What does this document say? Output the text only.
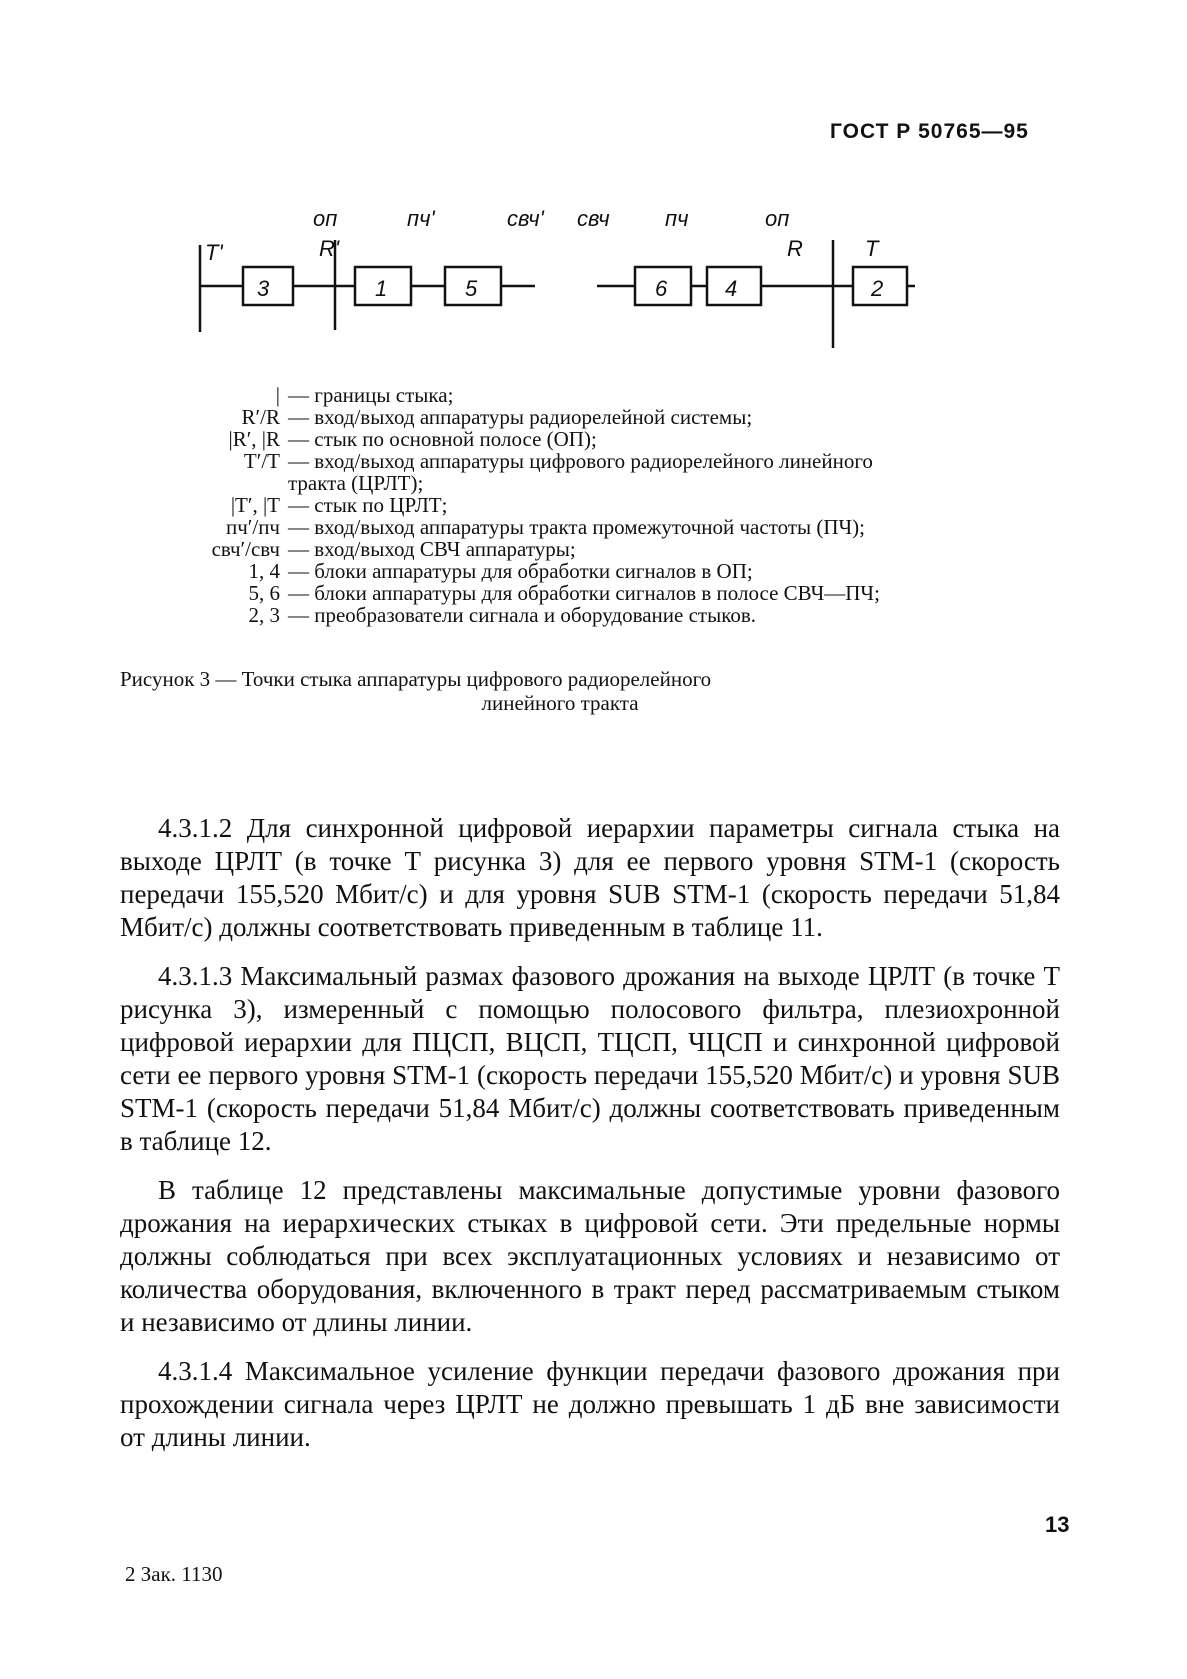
ГОСТ Р 50765—95
оп	пч'	свч' свч	пч	оп
T'	R'	R	T
3	1	5	6	4	2
| — границы стыка;
R′/R — вход/выход аппаратуры радиорелейной системы;
|R′, |R — стык по основной полосе (ОП);
T′/T — вход/выход аппаратуры цифрового радиорелейного линейного
тракта (ЦРЛТ);
|T′, |T — стык по ЦРЛТ;
пч′/пч — вход/выход аппаратуры тракта промежуточной частоты (ПЧ);
свч′/свч — вход/выход СВЧ аппаратуры;
1, 4 — блоки аппаратуры для обработки сигналов в ОП;
5, 6 — блоки аппаратуры для обработки сигналов в полосе СВЧ—ПЧ;
2, 3 — преобразователи сигнала и оборудование стыков.
Рисунок 3 — Точки стыка аппаратуры цифрового радиорелейного
линейного тракта

4.3.1.2 Для синхронной цифровой иерархии параметры сигнала стыка на выходе ЦРЛТ (в точке Т рисунка 3) для ее первого уровня STM-1 (скорость передачи 155,520 Мбит/с) и для уровня SUB STM-1 (скорость передачи 51,84 Мбит/с) должны соответствовать приведенным в таблице 11.

4.3.1.3 Максимальный размах фазового дрожания на выходе ЦРЛТ (в точке Т рисунка 3), измеренный с помощью полосового фильтра, плезиохронной цифровой иерархии для ПЦСП, ВЦСП, ТЦСП, ЧЦСП и синхронной цифровой сети ее первого уровня STM-1 (скорость передачи 155,520 Мбит/с) и уровня SUB STM-1 (скорость передачи 51,84 Мбит/с) должны соответствовать приведенным в таблице 12.

В таблице 12 представлены максимальные допустимые уровни фазового дрожания на иерархических стыках в цифровой сети. Эти предельные нормы должны соблюдаться при всех эксплуатационных условиях и независимо от количества оборудования, включенного в тракт перед рассматриваемым стыком и независимо от длины линии.

4.3.1.4 Максимальное усиление функции передачи фазового дрожания при прохождении сигнала через ЦРЛТ не должно превышать 1 дБ вне зависимости от длины линии.

13
2 Зак. 1130
